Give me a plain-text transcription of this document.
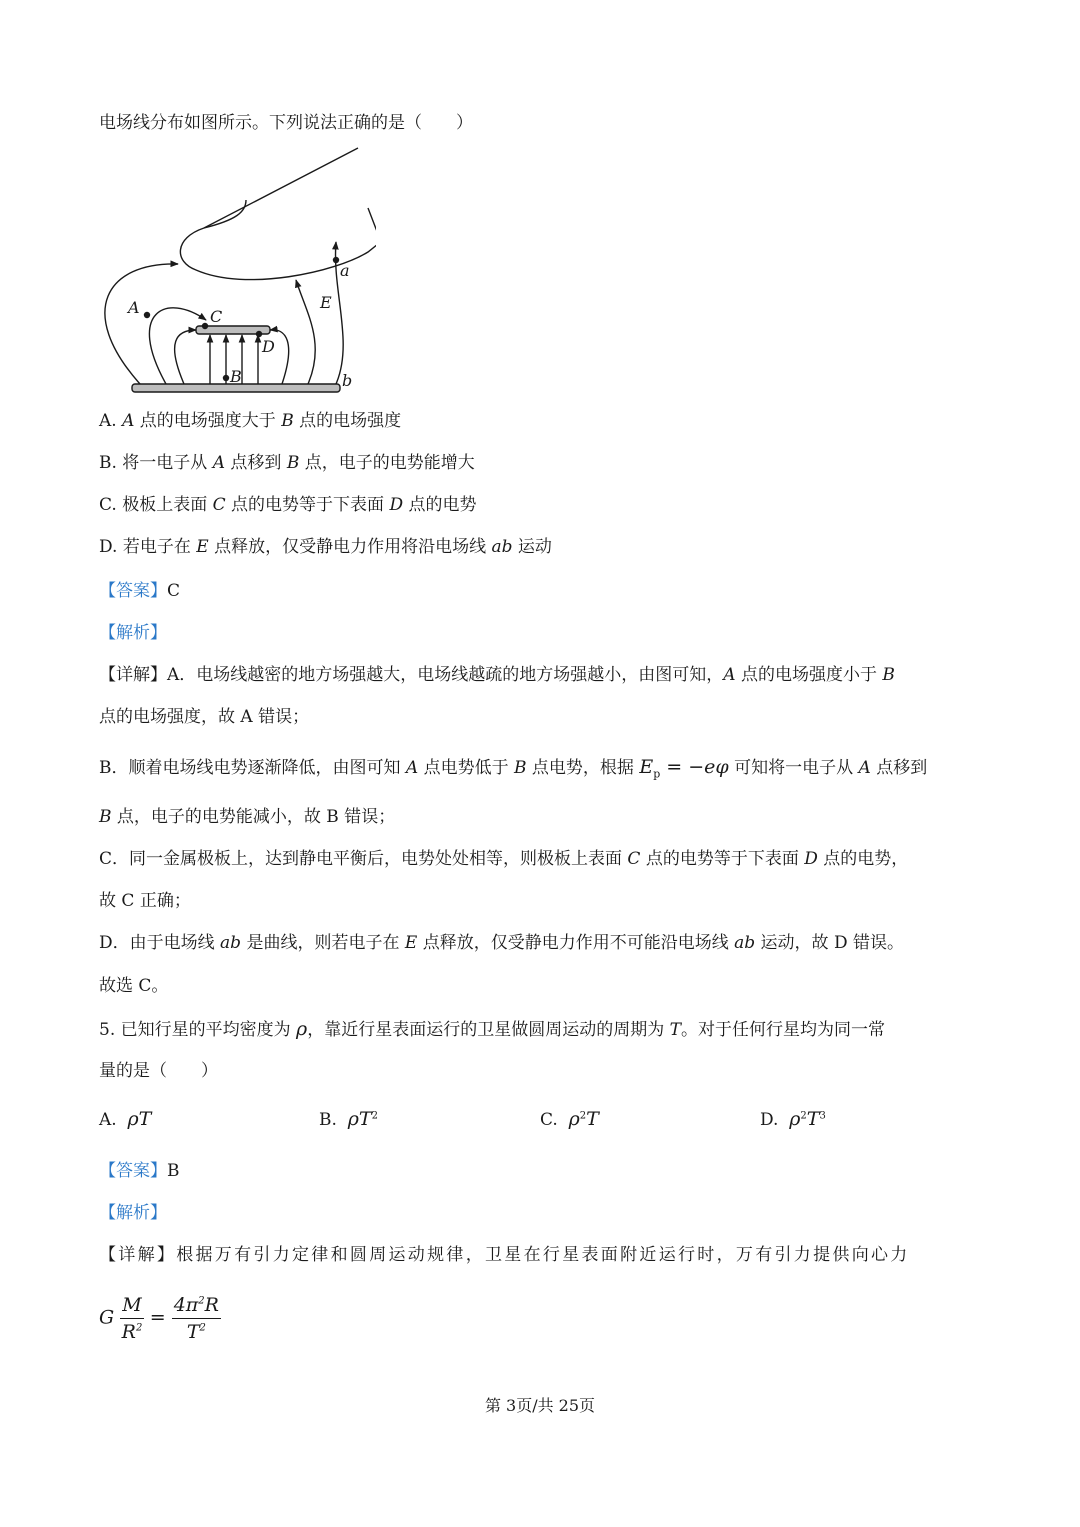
电场线分布如图所示。下列说法正确的是（　　）
A	C
D
B
E
a
b
A. A 点的电场强度大于 B 点的电场强度
B. 将一电子从 A 点移到 B 点，电子的电势能增大
C. 极板上表面 C 点的电势等于下表面 D 点的电势
D. 若电子在 E 点释放，仅受静电力作用将沿电场线 ab 运动
【答案】C
【解析】
【详解】A．电场线越密的地方场强越大，电场线越疏的地方场强越小，由图可知，A 点的电场强度小于 B
点的电场强度，故 A 错误；
B．顺着电场线电势逐渐降低，由图可知 A 点电势低于 B 点电势，根据 $E_p = -e\varphi$ 可知将一电子从 A 点移到
B 点，电子的电势能减小，故 B 错误；
C．同一金属极板上，达到静电平衡后，电势处处相等，则极板上表面 C 点的电势等于下表面 D 点的电势，
故 C 正确；
D．由于电场线 ab 是曲线，则若电子在 E 点释放，仅受静电力作用不可能沿电场线 ab 运动，故 D 错误。
故选 C。
5. 已知行星的平均密度为 ρ，靠近行星表面运行的卫星做圆周运动的周期为 T。对于任何行星均为同一常
量的是（　　）
A. ρT	B. $\rho T^2$	C. $\rho^2T$	D. $\rho^2T^3$
【答案】B
【解析】
【详解】根据万有引力定律和圆周运动规律，卫星在行星表面附近运行时，万有引力提供向心力
G $\frac{M}{R^2} = \frac{4\pi^2R}{T^2}$
第 3页/共 25页
